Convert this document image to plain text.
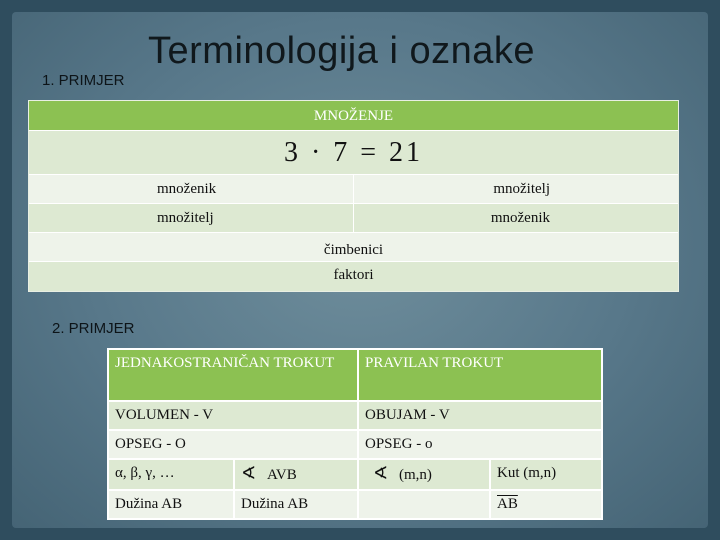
Terminologija i oznake
1. PRIMJER
MNOŽENJE
3 · 7 = 21
množenik	množitelj
množitelj	množenik
čimbenici
faktori
2. PRIMJER
JEDNAKOSTRANIČAN TROKUT		PRAVILAN TROKUT	
VOLUMEN - V		OBUJAM - V	
OPSEG - O		OPSEG - o	
α, β, γ, …	∢ AVB	∢ (m,n)	Kut (m,n)
Dužina AB	Dužina AB		$\overline{AB}$
